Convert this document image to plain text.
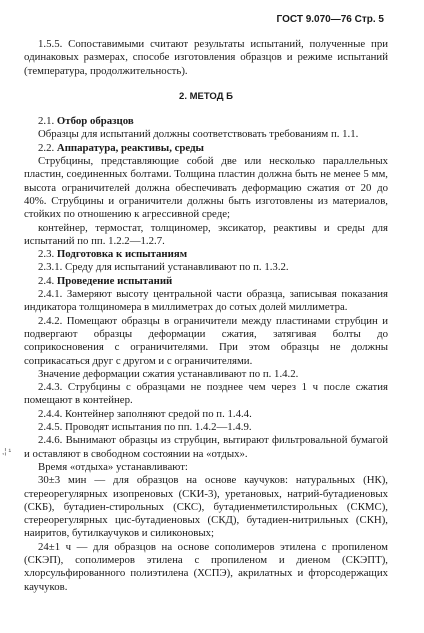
ГОСТ 9.070—76 Стр. 5

1.5.5. Сопоставимыми считают результаты испытаний, полученные при одинаковых размерах, способе изготовления образцов и режиме испытаний (температура, продолжительность).

2. МЕТОД Б

2.1. Отбор образцов

Образцы для испытаний должны соответствовать требованиям п. 1.1.

2.2. Аппаратура, реактивы, среды

Струбцины, представляющие собой две или несколько параллельных пластин, соединенных болтами. Толщина пластин должна быть не менее 5 мм, высота ограничителей должна обеспечивать деформацию сжатия от 20 до 40%. Струбцины и ограничители должны быть изготовлены из материалов, стойких по отношению к агрессивной среде;

контейнер, термостат, толщиномер, эксикатор, реактивы и среды для испытаний по пп. 1.2.2—1.2.7.

2.3. Подготовка к испытаниям

2.3.1. Среду для испытаний устанавливают по п. 1.3.2.

2.4. Проведение испытаний

2.4.1. Замеряют высоту центральной части образца, записывая показания индикатора толщиномера в миллиметрах до сотых долей миллиметра.

2.4.2. Помещают образцы в ограничители между пластинами струбцин и подвергают образцы деформации сжатия, затягивая болты до соприкосновения с ограничителями. При этом образцы не должны соприкасаться друг с другом и с ограничителями.

Значение деформации сжатия устанавливают по п. 1.4.2.

2.4.3. Струбцины с образцами не позднее чем через 1 ч после сжатия помещают в контейнер.

2.4.4. Контейнер заполняют средой по п. 1.4.4.

2.4.5. Проводят испытания по пп. 1.4.2—1.4.9.

2.4.6. Вынимают образцы из струбцин, вытирают фильтровальной бумагой и оставляют в свободном состоянии на «отдых».

Время «отдыха» устанавливают:

30±3 мин — для образцов на основе каучуков: натуральных (НК), стереорегулярных изопреновых (СКИ-3), уретановых, натрий-бутадиеновых (СКБ), бутадиен-стирольных (СКС), бутадиенметилстирольных (СКМС), стереорегулярных цис-бутадиеновых (СКД), бутадиен-нитрильных (СКН), наиритов, бутилкаучуков и силиконовых;

24±1 ч — для образцов на основе сополимеров этилена с пропиленом (СКЭП), сополимеров этилена с пропиленом и диеном (СКЭПТ), хлорсульфированного полиэтилена (ХСПЭ), акрилатных и фторсодержащих каучуков.

,¦ ¹
